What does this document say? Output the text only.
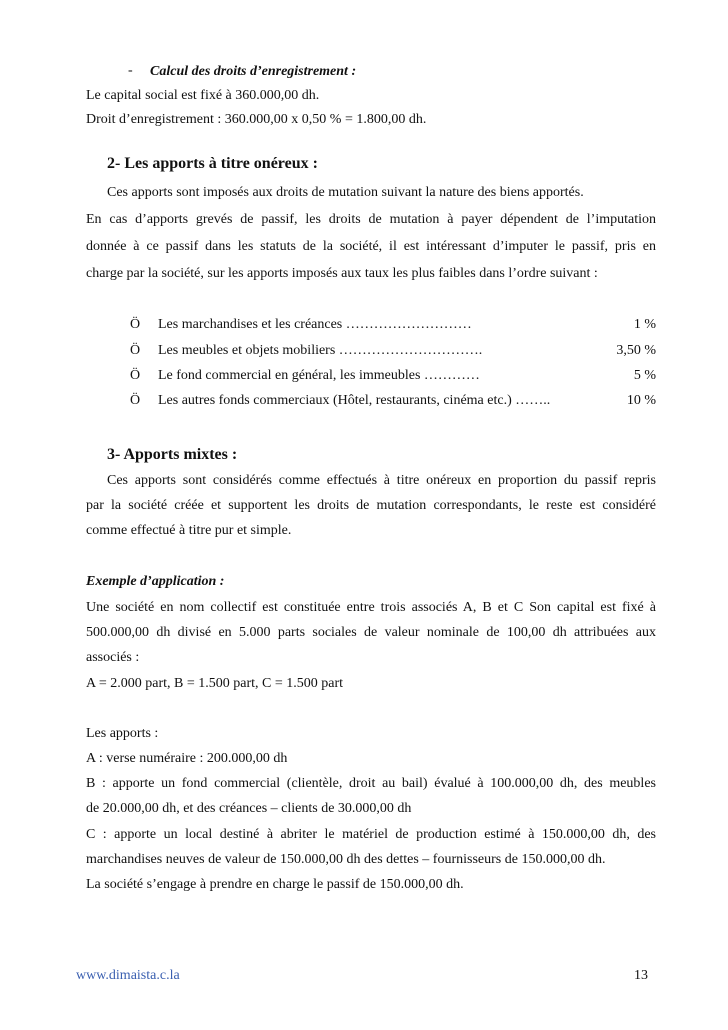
- Calcul des droits d’enregistrement :
Le capital social est fixé à 360.000,00 dh.
Droit d’enregistrement : 360.000,00 x 0,50 % = 1.800,00 dh.
2- Les apports à titre onéreux :
Ces apports sont imposés aux droits de mutation suivant la nature des biens apportés.
En cas d’apports grevés de passif, les droits de mutation à payer dépendent de l’imputation
donnée à ce passif dans les statuts de la société, il est intéressant d’imputer le passif, pris en
charge par la société, sur les apports imposés aux taux les plus faibles dans l’ordre suivant :
Ö	Les marchandises et les créances ………………………	1 %
Ö	Les meubles et objets mobiliers ………………………….	3,50 %
Ö	Le fond commercial en général, les immeubles …………	5 %
Ö	Les autres fonds commerciaux (Hôtel, restaurants, cinéma etc.) ……..	10 %
3- Apports mixtes :
Ces apports sont considérés comme effectués à titre onéreux en proportion du passif repris
par la société créée et supportent les droits de mutation correspondants, le reste est considéré
comme effectué à titre pur et simple.
Exemple d’application :
Une société en nom collectif est constituée entre trois associés A, B et C Son capital est fixé à
500.000,00 dh divisé en 5.000 parts sociales de valeur nominale de 100,00 dh attribuées aux
associés :
A = 2.000 part, B = 1.500 part, C = 1.500 part
Les apports :
A : verse numéraire : 200.000,00 dh
B : apporte un fond commercial (clientèle, droit au bail) évalué à 100.000,00 dh, des meubles
de 20.000,00 dh, et des créances – clients de 30.000,00 dh
C : apporte un local destiné à abriter le matériel de production estimé à 150.000,00 dh, des
marchandises neuves de valeur de 150.000,00 dh des dettes – fournisseurs de 150.000,00 dh.
La société s’engage à prendre en charge le passif de 150.000,00 dh.
www.dimaista.c.la	13
